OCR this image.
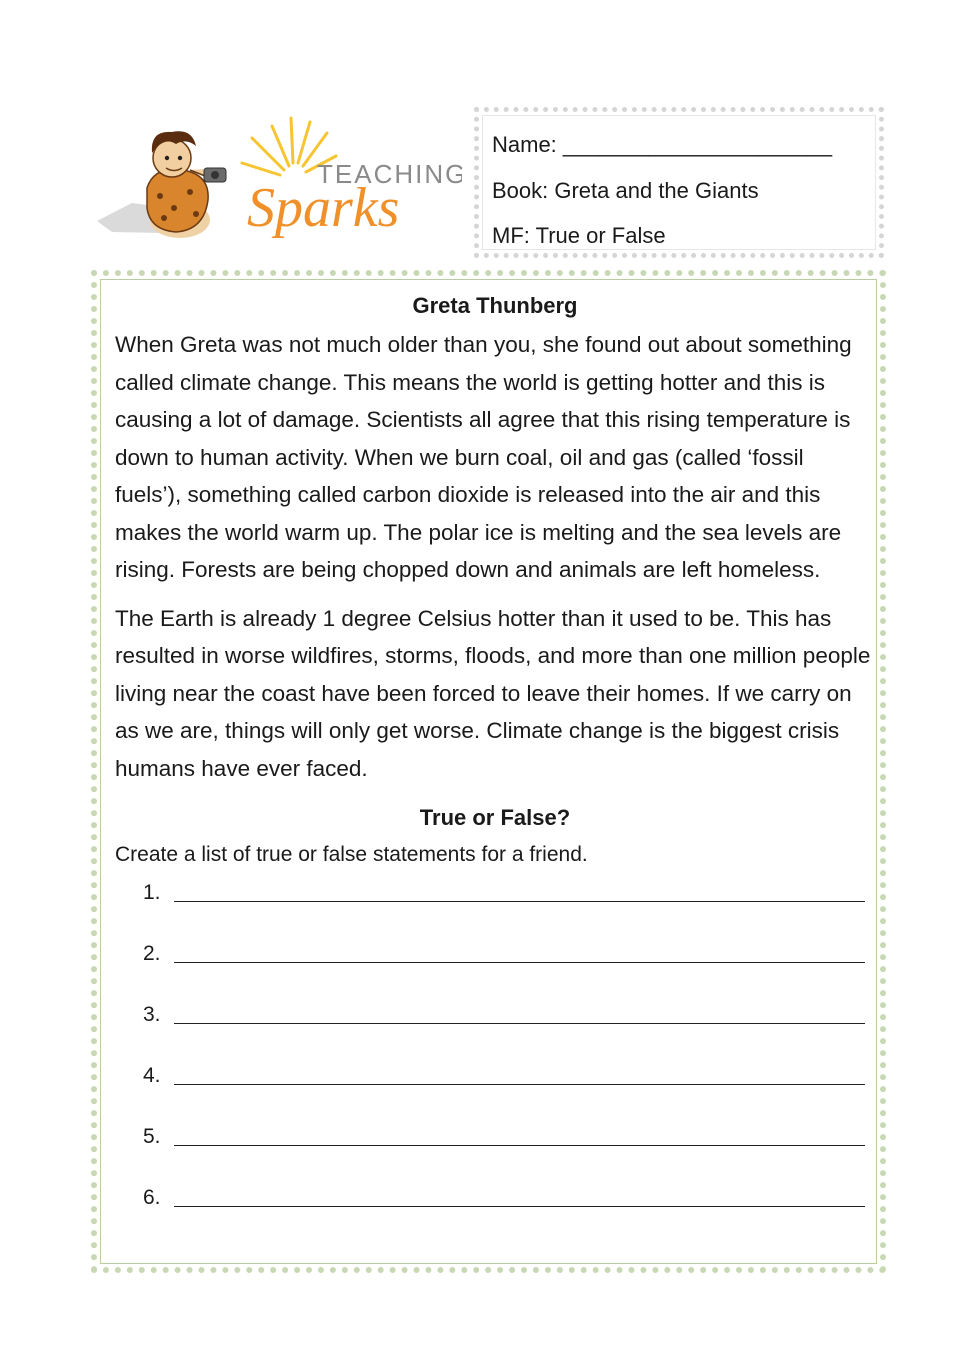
TEACHING
Sparks
Name: ______________________
Book: Greta and the Giants
MF: True or False
Greta Thunberg

When Greta was not much older than you, she found out about something called climate change. This means the world is getting hotter and this is causing a lot of damage. Scientists all agree that this rising temperature is down to human activity. When we burn coal, oil and gas (called ‘fossil fuels’), something called carbon dioxide is released into the air and this makes the world warm up. The polar ice is melting and the sea levels are rising. Forests are being chopped down and animals are left homeless.

The Earth is already 1 degree Celsius hotter than it used to be. This has resulted in worse wildfires, storms, floods, and more than one million people living near the coast have been forced to leave their homes. If we carry on as we are, things will only get worse. Climate change is the biggest crisis humans have ever faced.

True or False?

Create a list of true or false statements for a friend.

1.
2.
3.
4.
5.
6.
